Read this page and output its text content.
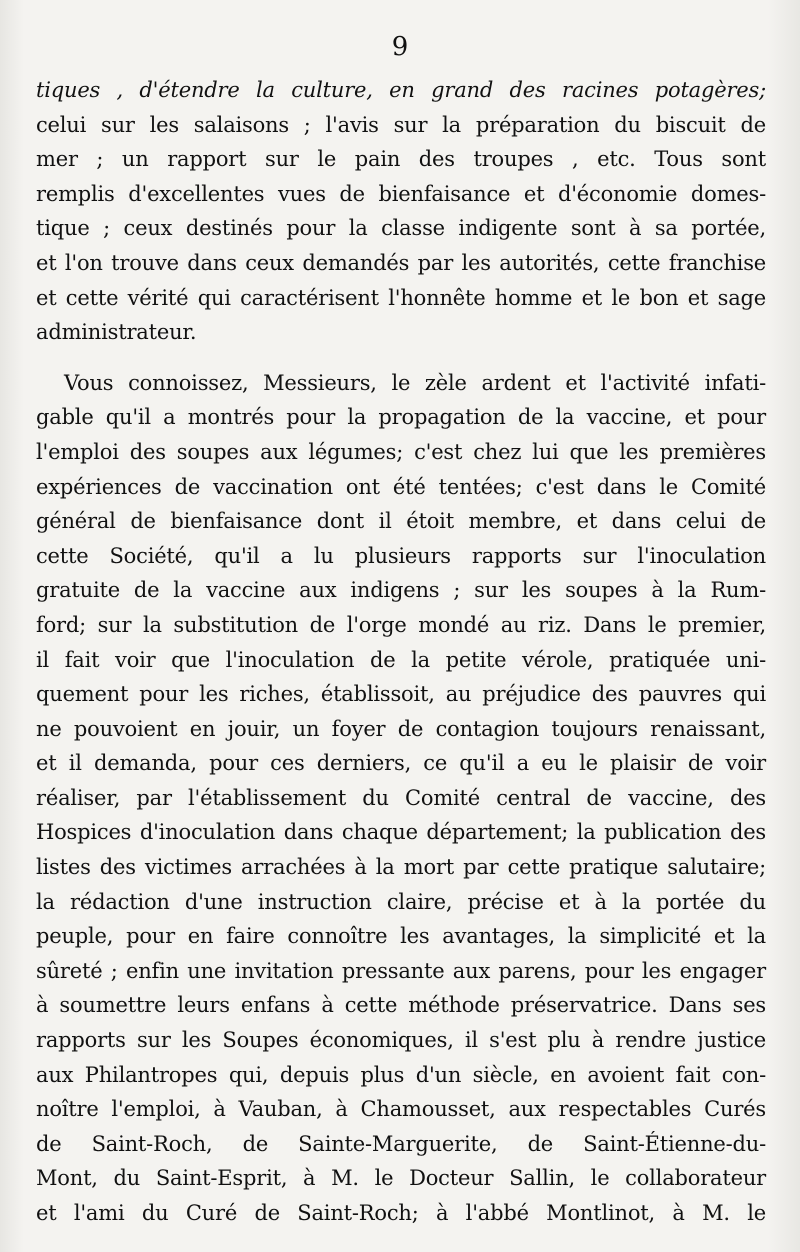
9
tiques , d'étendre la culture, en grand des racines potagères;
celui sur les salaisons ; l'avis sur la préparation du biscuit de
mer ; un rapport sur le pain des troupes , etc. Tous sont
remplis d'excellentes vues de bienfaisance et d'économie domes-
tique ; ceux destinés pour la classe indigente sont à sa portée,
et l'on trouve dans ceux demandés par les autorités, cette franchise
et cette vérité qui caractérisent l'honnête homme et le bon et sage
administrateur.
Vous connoissez, Messieurs, le zèle ardent et l'activité infati-
gable qu'il a montrés pour la propagation de la vaccine, et pour
l'emploi des soupes aux légumes; c'est chez lui que les premières
expériences de vaccination ont été tentées; c'est dans le Comité
général de bienfaisance dont il étoit membre, et dans celui de
cette Société, qu'il a lu plusieurs rapports sur l'inoculation
gratuite de la vaccine aux indigens ; sur les soupes à la Rum-
ford; sur la substitution de l'orge mondé au riz. Dans le premier,
il fait voir que l'inoculation de la petite vérole, pratiquée uni-
quement pour les riches, établissoit, au préjudice des pauvres qui
ne pouvoient en jouir, un foyer de contagion toujours renaissant,
et il demanda, pour ces derniers, ce qu'il a eu le plaisir de voir
réaliser, par l'établissement du Comité central de vaccine, des
Hospices d'inoculation dans chaque département; la publication des
listes des victimes arrachées à la mort par cette pratique salutaire;
la rédaction d'une instruction claire, précise et à la portée du
peuple, pour en faire connoître les avantages, la simplicité et la
sûreté ; enfin une invitation pressante aux parens, pour les engager
à soumettre leurs enfans à cette méthode préservatrice. Dans ses
rapports sur les Soupes économiques, il s'est plu à rendre justice
aux Philantropes qui, depuis plus d'un siècle, en avoient fait con-
noître l'emploi, à Vauban, à Chamousset, aux respectables Curés
de Saint-Roch, de Sainte-Marguerite, de Saint-Étienne-du-
Mont, du Saint-Esprit, à M. le Docteur Sallin, le collaborateur
et l'ami du Curé de Saint-Roch; à l'abbé Montlinot, à M. le
